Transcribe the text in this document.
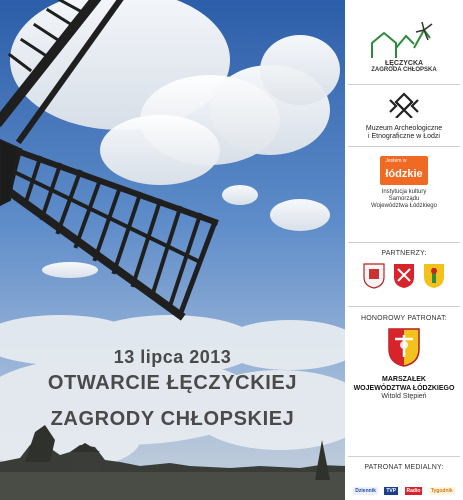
13 lipca 2013
OTWARCIE ŁĘCZYCKIEJ
ZAGRODY CHŁOPSKIEJ
ŁĘCZYCKA
ZAGRODA CHŁOPSKA
Muzeum Archeologiczne
i Etnograficzne w Łodzi
Jestem w
łódzkie
Instytucja kultury
Samorządu
Województwa Łódzkiego
PARTNERZY:
HONOROWY PATRONAT:
MARSZAŁEK
WOJEWÓDZTWA ŁÓDZKIEGO
Witold Stępień
PATRONAT MEDIALNY:
Dziennik TVP Radio Tygodnik
